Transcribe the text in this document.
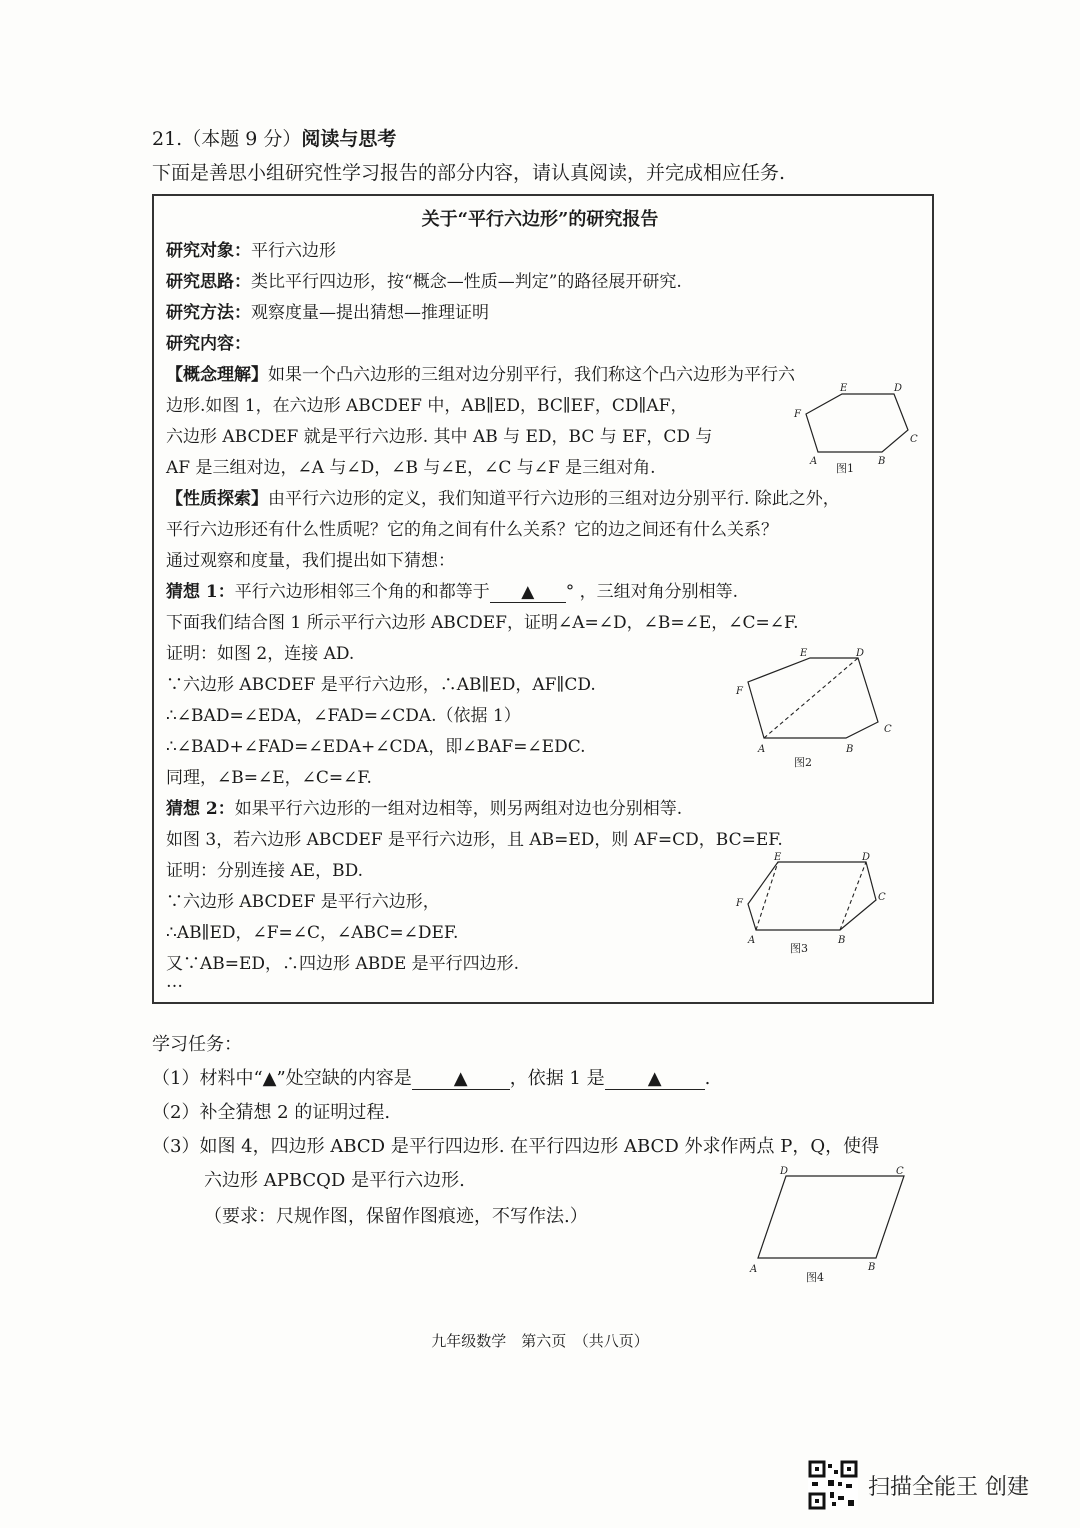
21.（本题 9 分）阅读与思考
下面是善思小组研究性学习报告的部分内容，请认真阅读，并完成相应任务.
关于“平行六边形”的研究报告
研究对象：平行六边形
研究思路：类比平行四边形，按“概念—性质—判定”的路径展开研究.
研究方法：观察度量—提出猜想—推理证明
研究内容：
【概念理解】如果一个凸六边形的三组对边分别平行，我们称这个凸六边形为平行六
边形.如图 1，在六边形 ABCDEF 中，AB∥ED，BC∥EF，CD∥AF，
六边形 ABCDEF 就是平行六边形. 其中 AB 与 ED，BC 与 EF，CD 与
AF 是三组对边，∠A 与∠D，∠B 与∠E，∠C 与∠F 是三组对角.	A	B
C
D
E
F
图1
【性质探索】由平行六边形的定义，我们知道平行六边形的三组对边分别平行. 除此之外，
平行六边形还有什么性质呢？它的角之间有什么关系？它的边之间还有什么关系？
通过观察和度量，我们提出如下猜想：
猜想 1：平行六边形相邻三个角的和都等于 ▲ ° ，三组对角分别相等.
下面我们结合图 1 所示平行六边形 ABCDEF，证明∠A=∠D，∠B=∠E，∠C=∠F.
证明：如图 2，连接 AD.
∵六边形 ABCDEF 是平行六边形，∴AB∥ED，AF∥CD.
∴∠BAD=∠EDA，∠FAD=∠CDA.（依据 1）
∴∠BAD+∠FAD=∠EDA+∠CDA，即∠BAF=∠EDC.
同理，∠B=∠E，∠C=∠F.
A	B
C
D
E
F
图2
猜想 2：如果平行六边形的一组对边相等，则另两组对边也分别相等.
如图 3，若六边形 ABCDEF 是平行六边形，且 AB=ED，则 AF=CD，BC=EF.
证明：分别连接 AE，BD.
∵六边形 ABCDEF 是平行六边形，
∴AB∥ED，∠F=∠C，∠ABC=∠DEF.
又∵AB=ED，∴四边形 ABDE 是平行四边形.
…
A	B
C
D
E
F
图3
学习任务：
（1）材料中“▲”处空缺的内容是 ▲ ，依据 1 是 ▲ .
（2）补全猜想 2 的证明过程.
（3）如图 4，四边形 ABCD 是平行四边形. 在平行四边形 ABCD 外求作两点 P，Q，使得
六边形 APBCQD 是平行六边形.
（要求：尺规作图，保留作图痕迹，不写作法.）
A	B
C
D
图4
九年级数学　第六页　（共八页）
扫描全能王 创建
